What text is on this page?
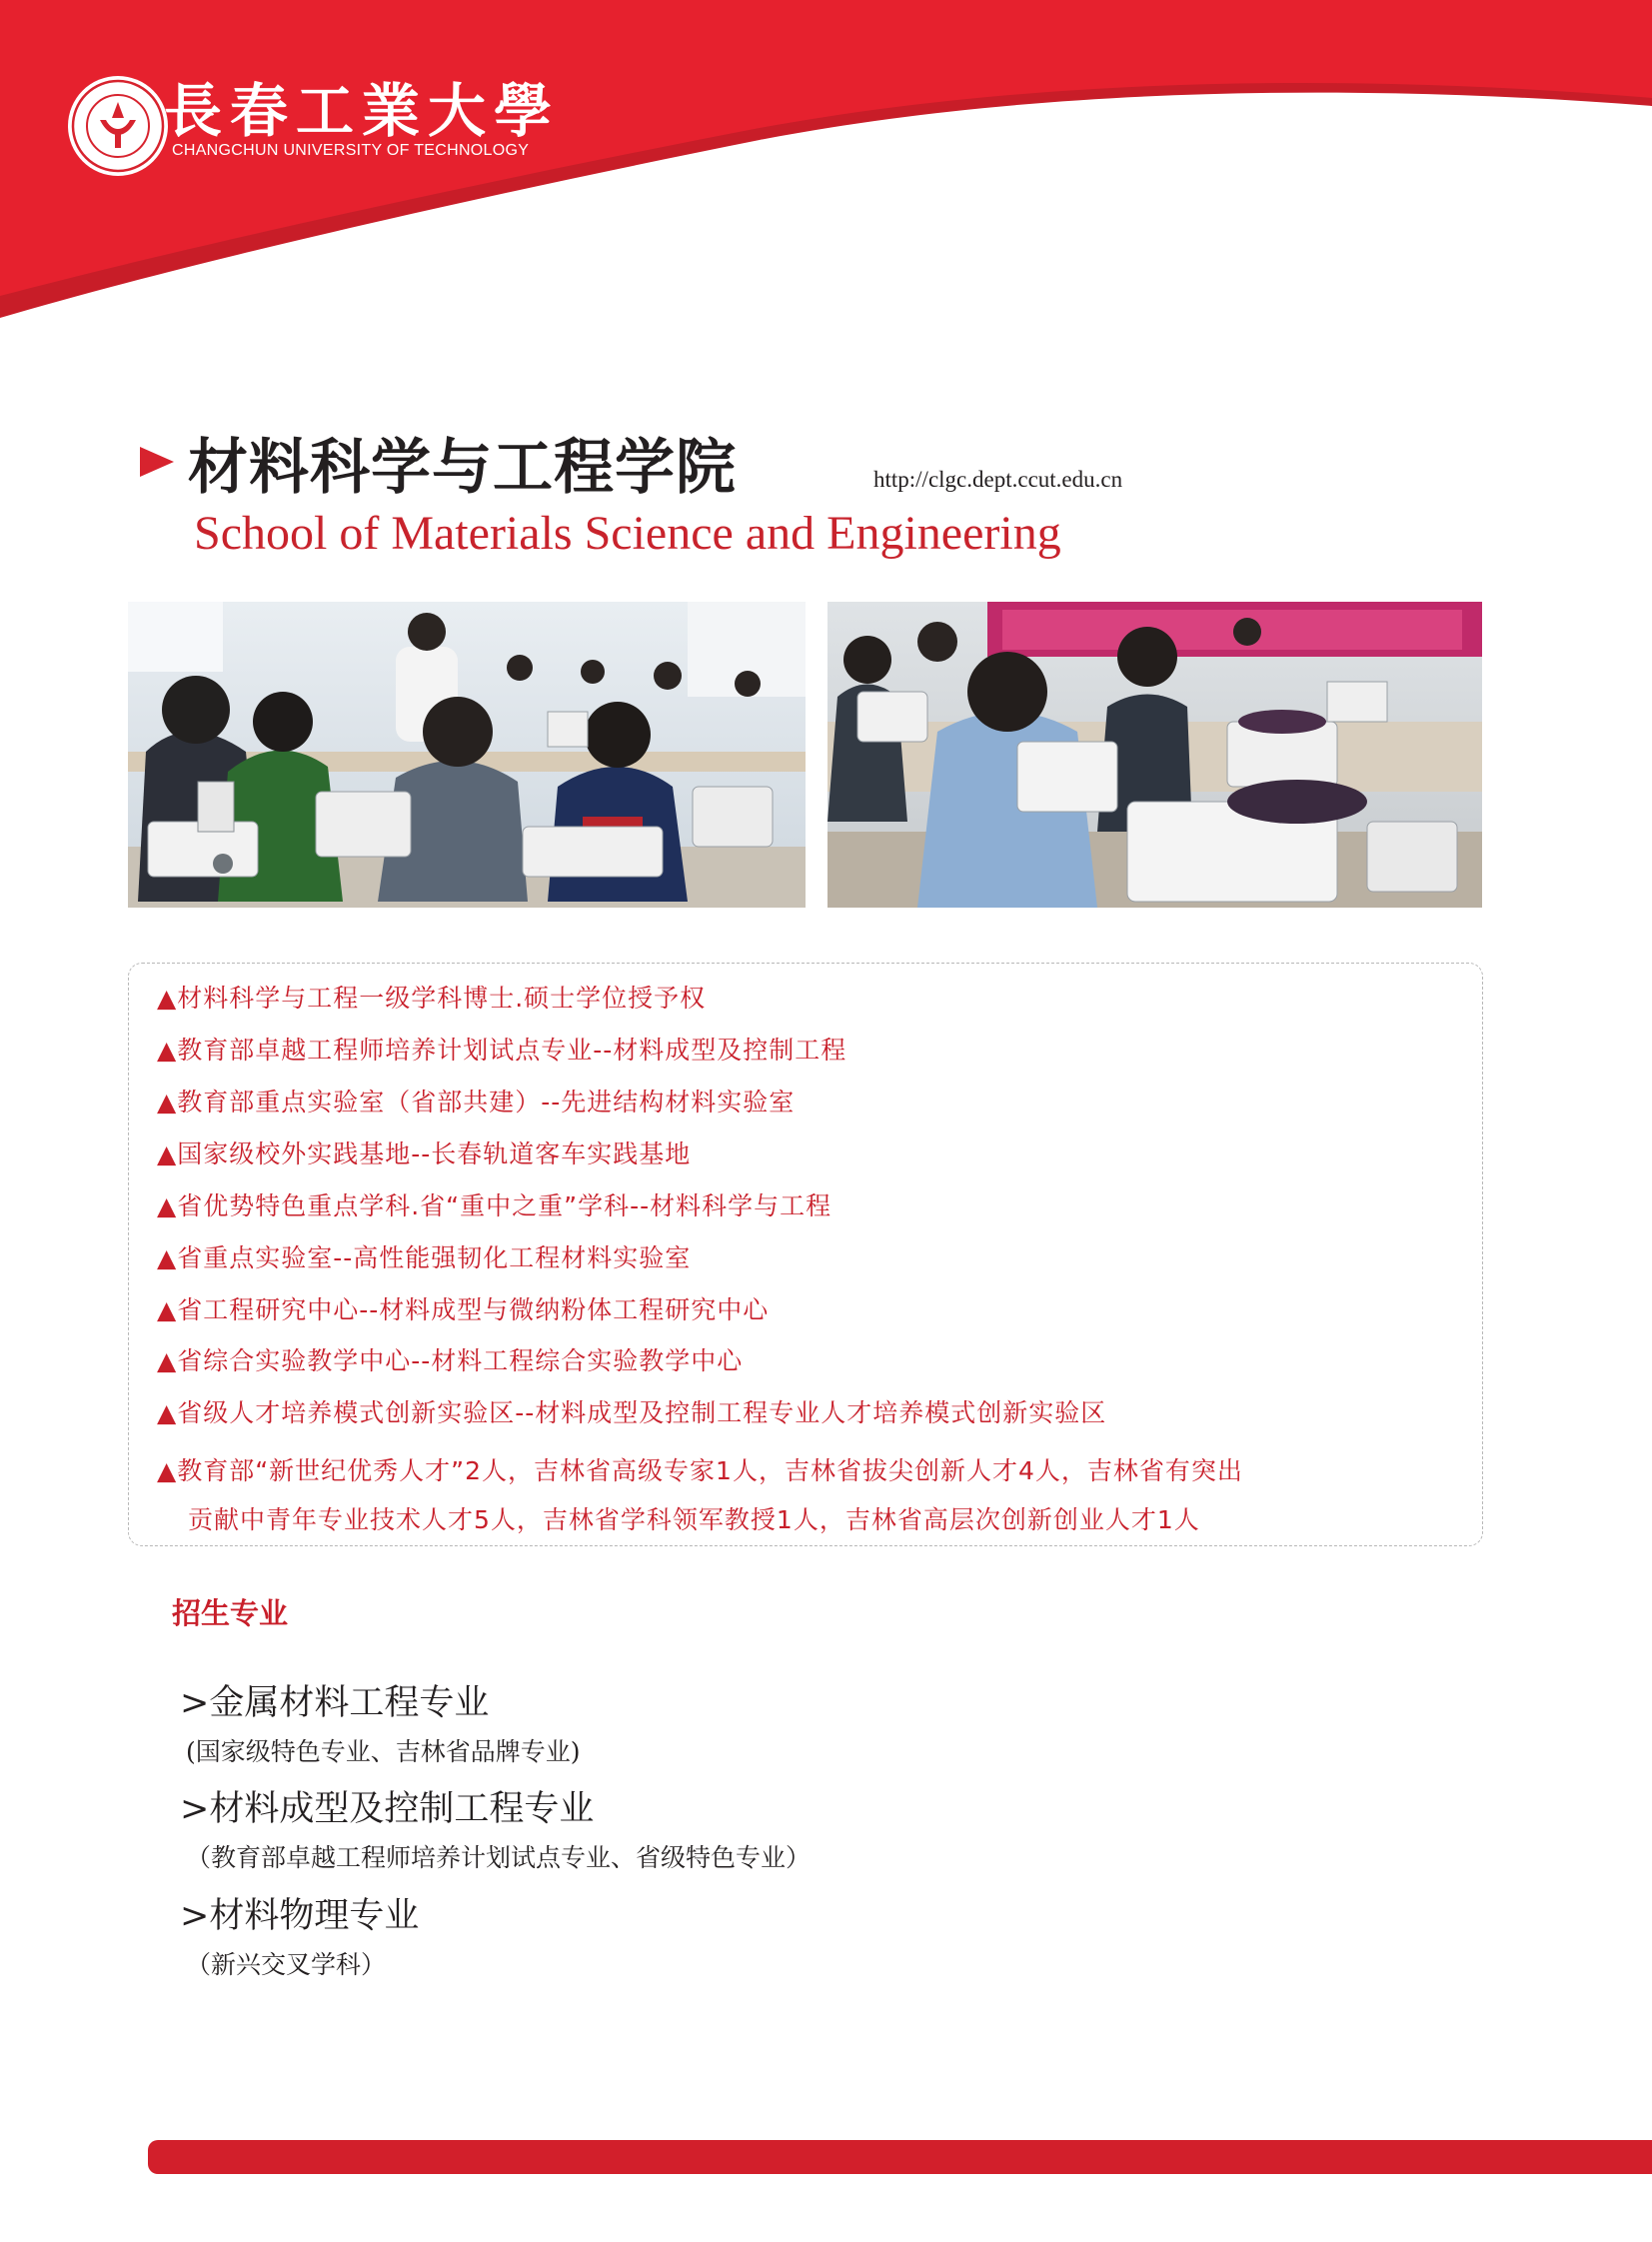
長春工業大學
CHANGCHUN UNIVERSITY OF TECHNOLOGY
材料科学与工程学院	http://clgc.dept.ccut.edu.cn
School of Materials Science and Engineering
▲材料科学与工程一级学科博士.硕士学位授予权
▲教育部卓越工程师培养计划试点专业--材料成型及控制工程
▲教育部重点实验室（省部共建）--先进结构材料实验室
▲国家级校外实践基地--长春轨道客车实践基地
▲省优势特色重点学科.省“重中之重”学科--材料科学与工程
▲省重点实验室--高性能强韧化工程材料实验室
▲省工程研究中心--材料成型与微纳粉体工程研究中心
▲省综合实验教学中心--材料工程综合实验教学中心
▲省级人才培养模式创新实验区--材料成型及控制工程专业人才培养模式创新实验区
▲教育部“新世纪优秀人才”2人，吉林省高级专家1人，吉林省拔尖创新人才4人，吉林省有突出
贡献中青年专业技术人才5人，吉林省学科领军教授1人，吉林省高层次创新创业人才1人
招生专业
>金属材料工程专业
(国家级特色专业、吉林省品牌专业)
>材料成型及控制工程专业
（教育部卓越工程师培养计划试点专业、省级特色专业）
>材料物理专业
（新兴交叉学科）
